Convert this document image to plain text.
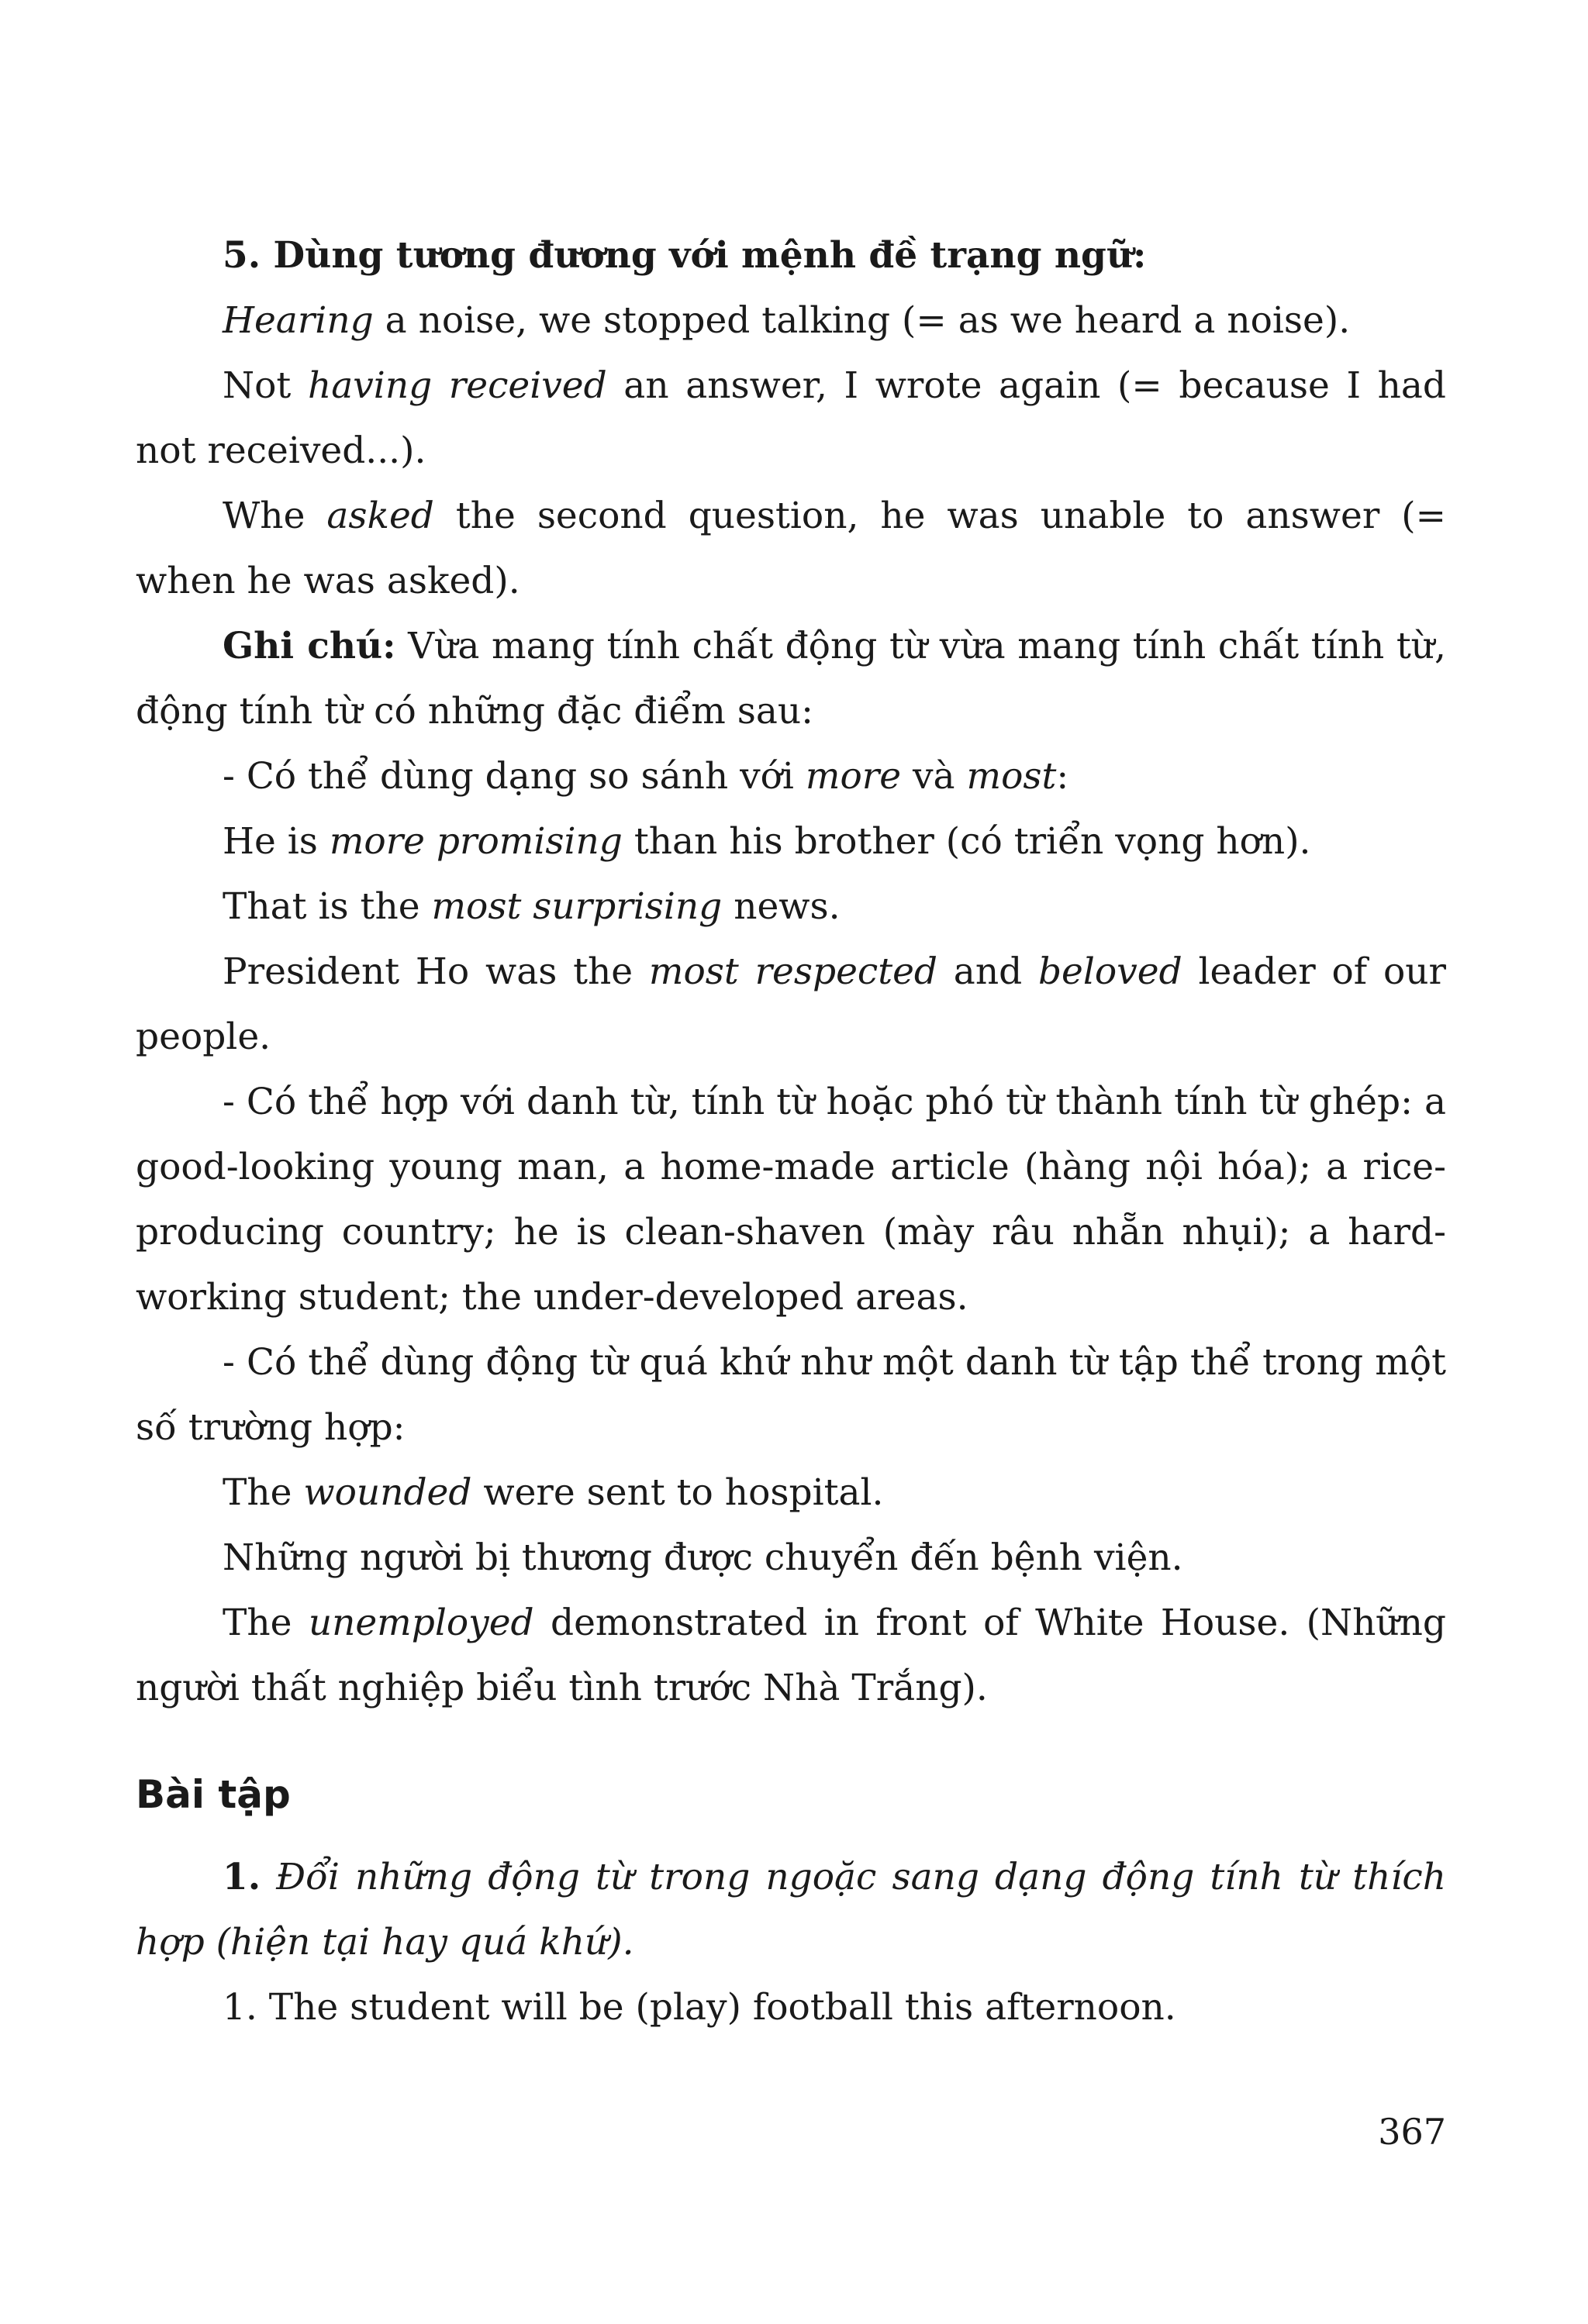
5. Dùng tương đương với mệnh đề trạng ngữ:

Hearing a noise, we stopped talking (= as we heard a noise).

Not having received an answer, I wrote again (= because I had not received...).

Whe asked the second question, he was unable to answer (= when he was asked).

Ghi chú: Vừa mang tính chất động từ vừa mang tính chất tính từ, động tính từ có những đặc điểm sau:

- Có thể dùng dạng so sánh với more và most:

He is more promising than his brother (có triển vọng hơn).

That is the most surprising news.

President Ho was the most respected and beloved leader of our people.

- Có thể hợp với danh từ, tính từ hoặc phó từ thành tính từ ghép: a good-looking young man, a home-made article (hàng nội hóa); a rice-producing country; he is clean-shaven (mày râu nhẵn nhụi); a hard-working student; the under-developed areas.

- Có thể dùng động từ quá khứ như một danh từ tập thể trong một số trường hợp:

The wounded were sent to hospital.

Những người bị thương được chuyển đến bệnh viện.

The unemployed demonstrated in front of White House. (Những người thất nghiệp biểu tình trước Nhà Trắng).

Bài tập

1. Đổi những động từ trong ngoặc sang dạng động tính từ thích hợp (hiện tại hay quá khứ).

1. The student will be (play) football this afternoon.

367
